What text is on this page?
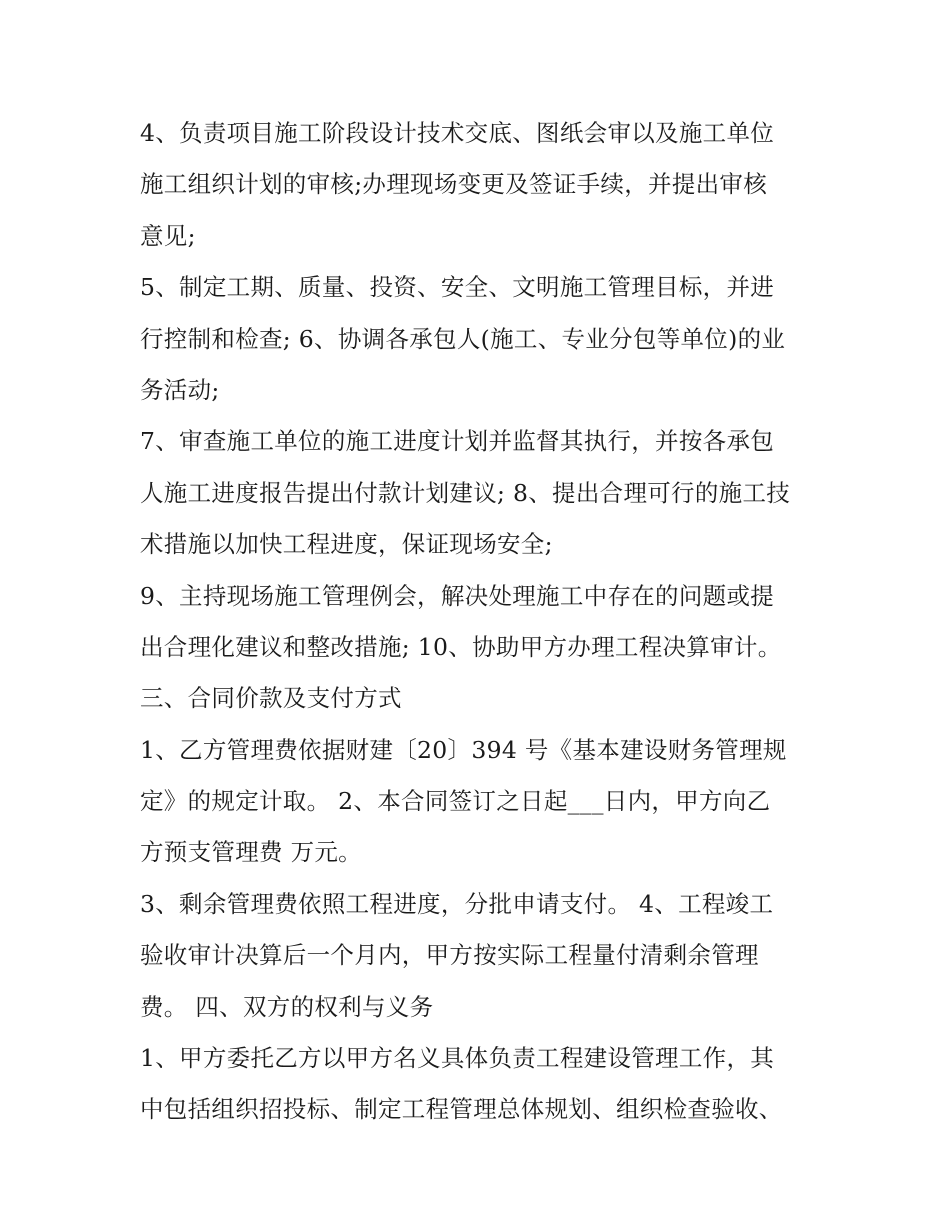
4、负责项目施工阶段设计技术交底、图纸会审以及施工单位
施工组织计划的审核;办理现场变更及签证手续，并提出审核
意见;
5、制定工期、质量、投资、安全、文明施工管理目标，并进
行控制和检查; 6、协调各承包人(施工、专业分包等单位)的业
务活动;
7、审查施工单位的施工进度计划并监督其执行，并按各承包
人施工进度报告提出付款计划建议; 8、提出合理可行的施工技
术措施以加快工程进度，保证现场安全;
9、主持现场施工管理例会，解决处理施工中存在的问题或提
出合理化建议和整改措施; 10、协助甲方办理工程决算审计。
三、合同价款及支付方式
1、乙方管理费依据财建〔20〕394 号《基本建设财务管理规
定》的规定计取。 2、本合同签订之日起___日内，甲方向乙
方预支管理费 万元。
3、剩余管理费依照工程进度，分批申请支付。 4、工程竣工
验收审计决算后一个月内，甲方按实际工程量付清剩余管理
费。 四、双方的权利与义务
1、甲方委托乙方以甲方名义具体负责工程建设管理工作，其
中包括组织招投标、制定工程管理总体规划、组织检查验收、
